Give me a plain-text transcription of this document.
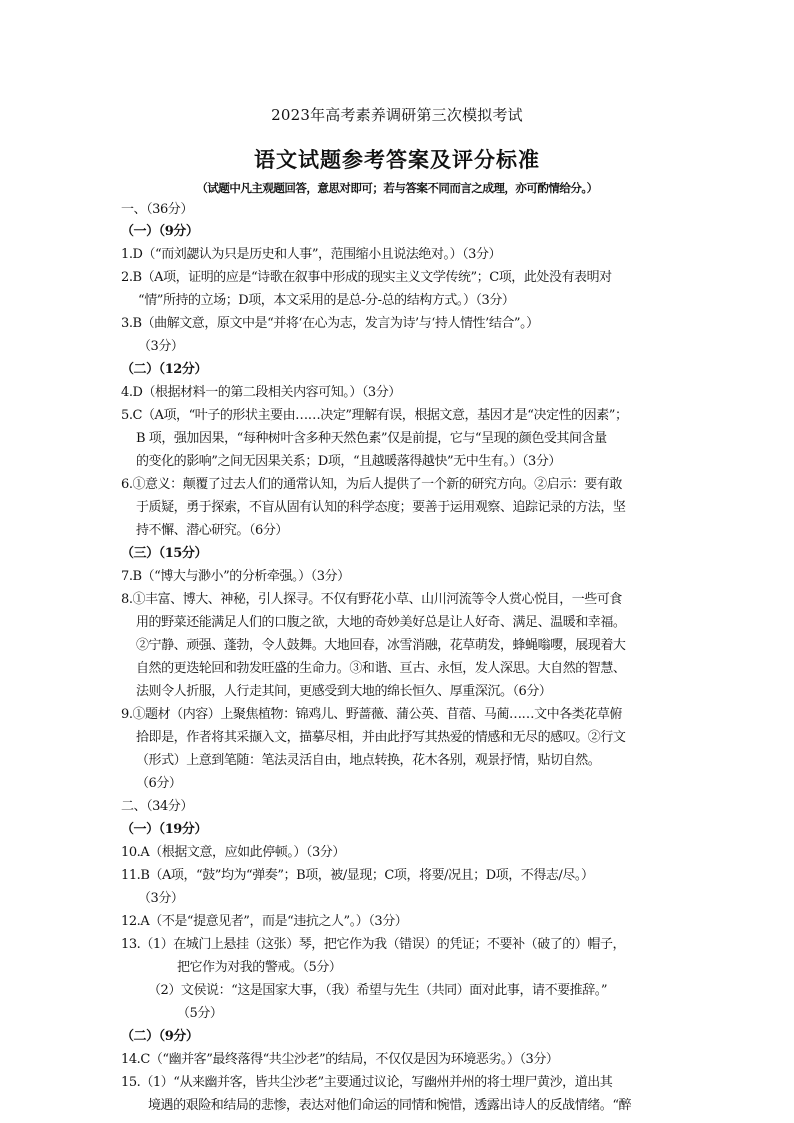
2023年高考素养调研第三次模拟考试
语文试题参考答案及评分标准
（试题中凡主观题回答，意思对即可；若与答案不同而言之成理，亦可酌情给分。）
一、（36分）
（一）（9分）
1.D（“而刘勰认为只是历史和人事”，范围缩小且说法绝对。）（3分）
2.B（A项，证明的应是“诗歌在叙事中形成的现实主义文学传统”；C项，此处没有表明对
“情”所持的立场；D项，本文采用的是总-分-总的结构方式。）（3分）
3.B（曲解文意，原文中是“并将‘在心为志，发言为诗’与‘持人情性’结合”。）
（3分）
（二）（12分）
4.D（根据材料一的第二段相关内容可知。）（3分）
5.C（A项，“叶子的形状主要由……决定”理解有误，根据文意，基因才是“决定性的因素”；
B 项，强加因果，“每种树叶含多种天然色素”仅是前提，它与“呈现的颜色受其间含量
的变化的影响”之间无因果关系；D项，“且越暖落得越快”无中生有。）（3分）
6.①意义：颠覆了过去人们的通常认知，为后人提供了一个新的研究方向。②启示：要有敢
于质疑，勇于探索，不盲从固有认知的科学态度；要善于运用观察、追踪记录的方法，坚
持不懈、潜心研究。（6分）
（三）（15分）
7.B（“博大与渺小”的分析牵强。）（3分）
8.①丰富、博大、神秘，引人探寻。不仅有野花小草、山川河流等令人赏心悦目，一些可食
用的野菜还能满足人们的口腹之欲，大地的奇妙美好总是让人好奇、满足、温暖和幸福。
②宁静、顽强、蓬勃，令人鼓舞。大地回春，冰雪消融，花草萌发，蜂蝇嗡嘤，展现着大
自然的更迭轮回和勃发旺盛的生命力。③和谐、亘古、永恒，发人深思。大自然的智慧、
法则令人折服，人行走其间，更感受到大地的绵长恒久、厚重深沉。（6分）
9.①题材（内容）上聚焦植物：锦鸡儿、野蔷薇、蒲公英、苜蓿、马蔺……文中各类花草俯
拾即是，作者将其采撷入文，描摹尽相，并由此抒写其热爱的情感和无尽的感叹。②行文
（形式）上意到笔随：笔法灵活自由，地点转换，花木各别，观景抒情，贴切自然。
（6分）
二、（34分）
（一）（19分）
10.A（根据文意，应如此停顿。）（3分）
11.B（A项，“鼓”均为“弹奏”；B项，被/显现；C项，将要/况且；D项，不得志/尽。）
（3分）
12.A（不是“提意见者”，而是“违抗之人”。）（3分）
13.（1）在城门上悬挂（这张）琴，把它作为我（错误）的凭证；不要补（破了的）帽子，
把它作为对我的警戒。（5分）
（2）文侯说：“这是国家大事，（我）希望与先生（共同）面对此事，请不要推辞。”
（5分）
（二）（9分）
14.C（“幽并客”最终落得“共尘沙老”的结局，不仅仅是因为环境恶劣。）（3分）
15.（1）“从来幽并客，皆共尘沙老”主要通过议论，写幽州并州的将士埋尸黄沙，道出其
境遇的艰险和结局的悲惨，表达对他们命运的同情和惋惜，透露出诗人的反战情绪。“醉
